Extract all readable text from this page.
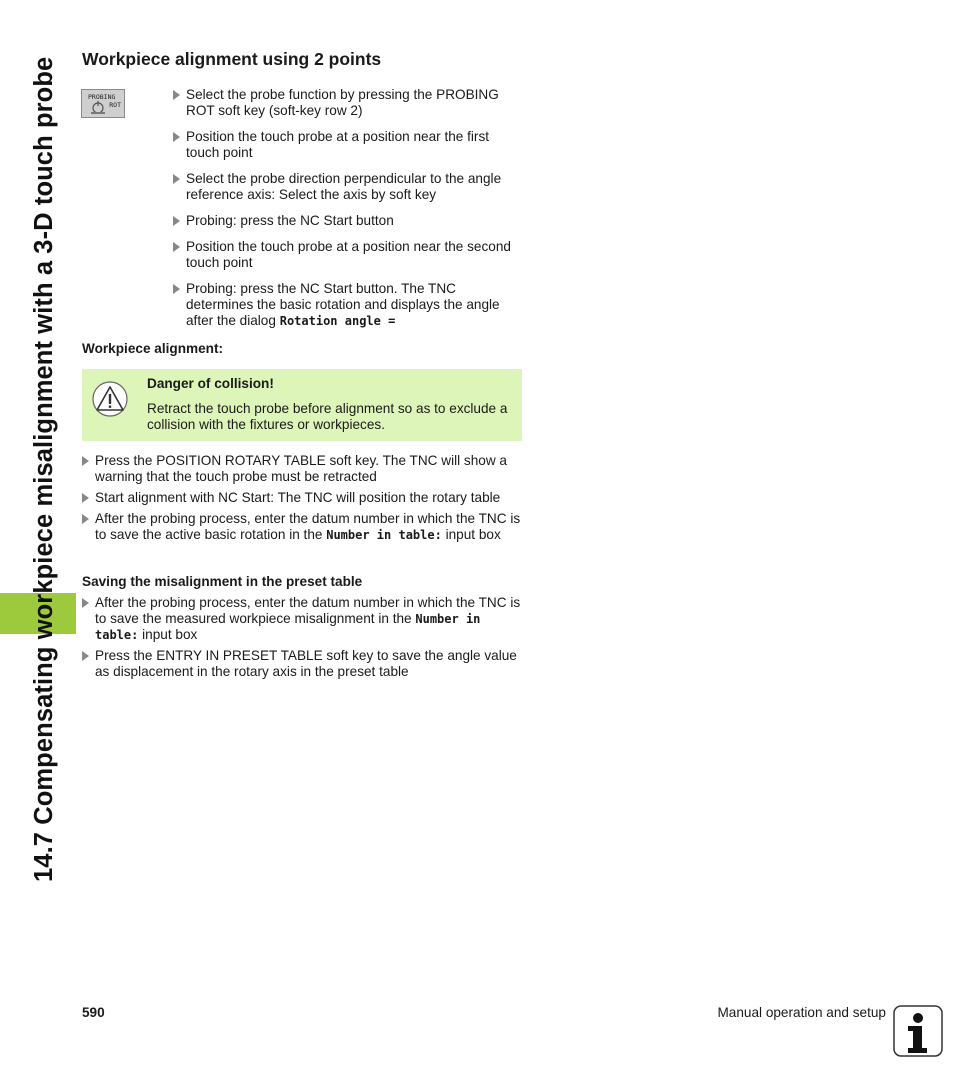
14.7 Compensating workpiece misalignment with a 3-D touch probe Workpiece alignment using 2 points
PROBING
ROT
Select the probe function by pressing the PROBING ROT soft key (soft-key row 2)
Position the touch probe at a position near the first touch point
Select the probe direction perpendicular to the angle reference axis: Select the axis by soft key
Probing: press the NC Start button
Position the touch probe at a position near the second touch point
Probing: press the NC Start button. The TNC determines the basic rotation and displays the angle after the dialog Rotation angle =

Workpiece alignment:

Danger of collision!

Retract the touch probe before alignment so as to exclude a collision with the fixtures or workpieces.

Press the POSITION ROTARY TABLE soft key. The TNC will show a warning that the touch probe must be retracted
Start alignment with NC Start: The TNC will position the rotary table
After the probing process, enter the datum number in which the TNC is to save the active basic rotation in the Number in table: input box

Saving the misalignment in the preset table

After the probing process, enter the datum number in which the TNC is to save the measured workpiece misalignment in the Number in table: input box
Press the ENTRY IN PRESET TABLE soft key to save the angle value as displacement in the rotary axis in the preset table

590	Manual operation and setup
